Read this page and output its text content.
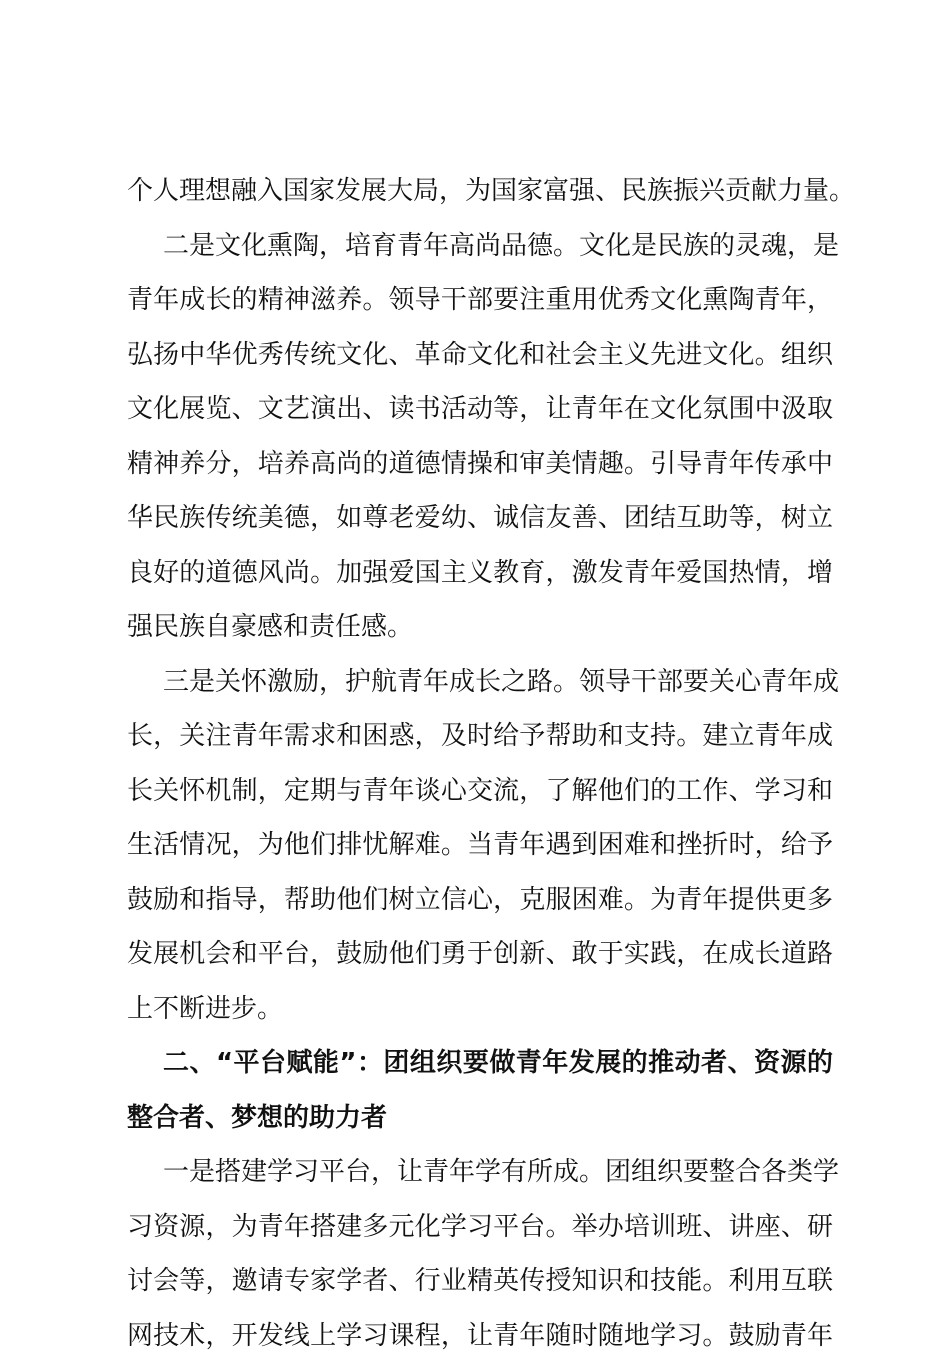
个人理想融入国家发展大局，为国家富强、民族振兴贡献力量。
二是文化熏陶，培育青年高尚品德。文化是民族的灵魂，是
青年成长的精神滋养。领导干部要注重用优秀文化熏陶青年，
弘扬中华优秀传统文化、革命文化和社会主义先进文化。组织
文化展览、文艺演出、读书活动等，让青年在文化氛围中汲取
精神养分，培养高尚的道德情操和审美情趣。引导青年传承中
华民族传统美德，如尊老爱幼、诚信友善、团结互助等，树立
良好的道德风尚。加强爱国主义教育，激发青年爱国热情，增
强民族自豪感和责任感。
三是关怀激励，护航青年成长之路。领导干部要关心青年成
长，关注青年需求和困惑，及时给予帮助和支持。建立青年成
长关怀机制，定期与青年谈心交流，了解他们的工作、学习和
生活情况，为他们排忧解难。当青年遇到困难和挫折时，给予
鼓励和指导，帮助他们树立信心，克服困难。为青年提供更多
发展机会和平台，鼓励他们勇于创新、敢于实践，在成长道路
上不断进步。
二、“平台赋能”：团组织要做青年发展的推动者、资源的
整合者、梦想的助力者
一是搭建学习平台，让青年学有所成。团组织要整合各类学
习资源，为青年搭建多元化学习平台。举办培训班、讲座、研
讨会等，邀请专家学者、行业精英传授知识和技能。利用互联
网技术，开发线上学习课程，让青年随时随地学习。鼓励青年
